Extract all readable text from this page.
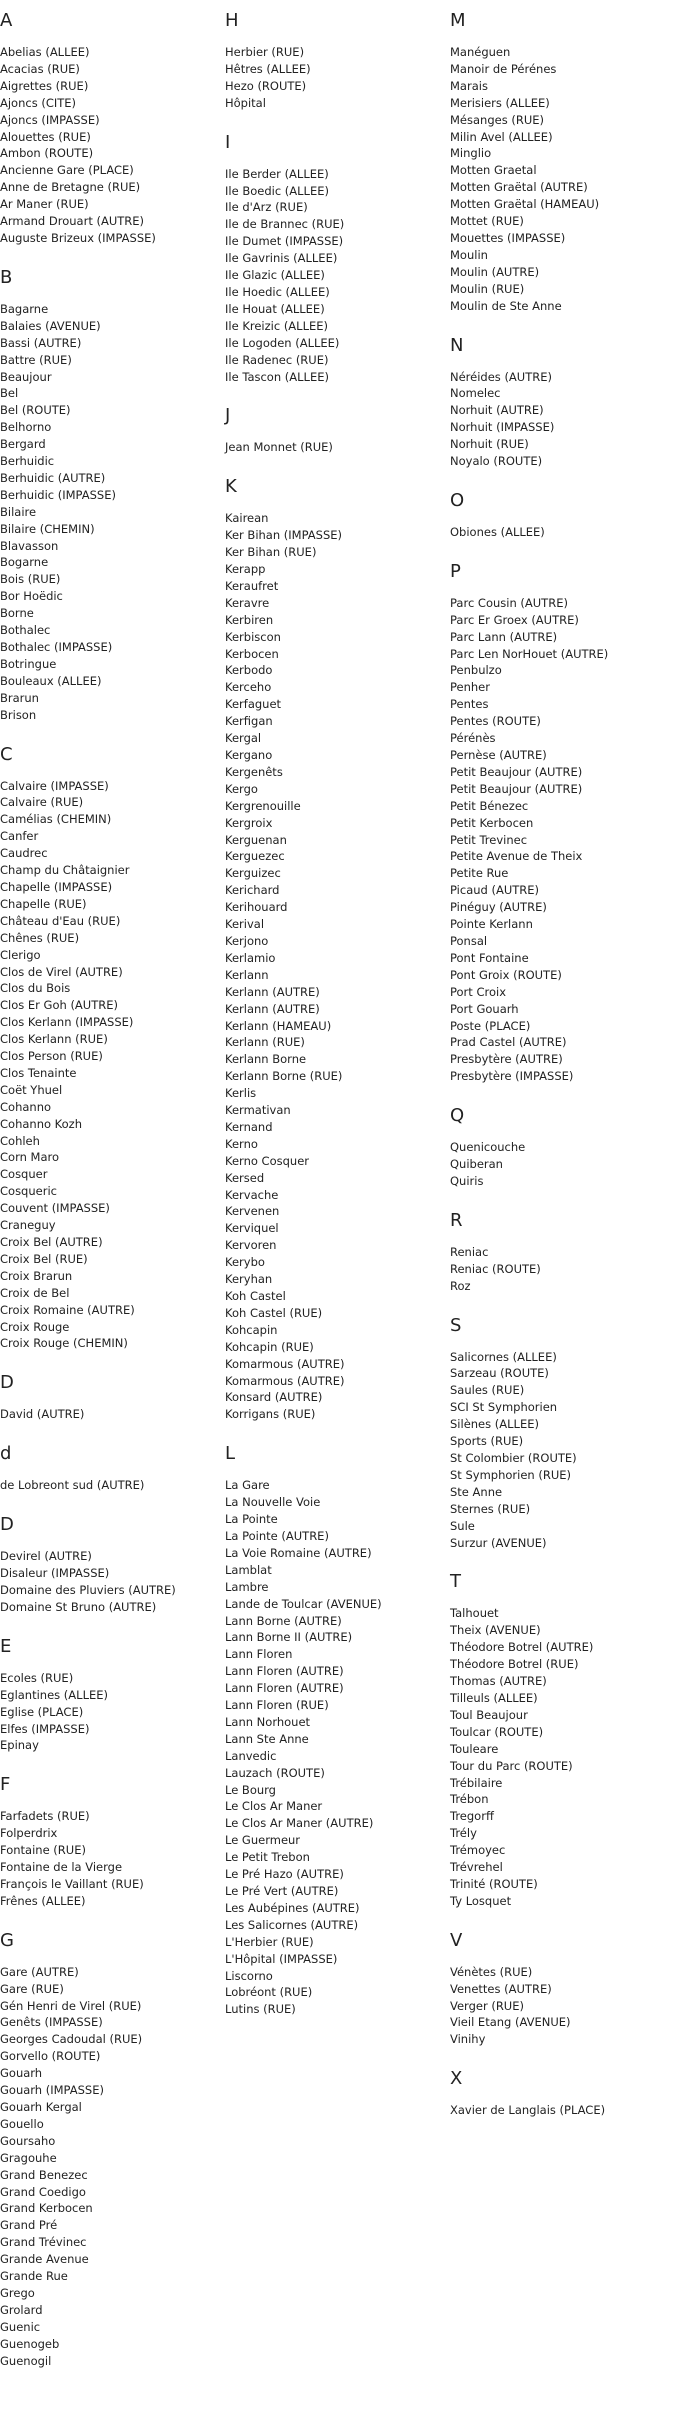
A
Abelias (ALLEE)
Acacias (RUE)
Aigrettes (RUE)
Ajoncs (CITE)
Ajoncs (IMPASSE)
Alouettes (RUE)
Ambon (ROUTE)
Ancienne Gare (PLACE)
Anne de Bretagne (RUE)
Ar Maner (RUE)
Armand Drouart (AUTRE)
Auguste Brizeux (IMPASSE)
B
Bagarne
Balaies (AVENUE)
Bassi (AUTRE)
Battre (RUE)
Beaujour
Bel
Bel (ROUTE)
Belhorno
Bergard
Berhuidic
Berhuidic (AUTRE)
Berhuidic (IMPASSE)
Bilaire
Bilaire (CHEMIN)
Blavasson
Bogarne
Bois (RUE)
Bor Hoëdic
Borne
Bothalec
Bothalec (IMPASSE)
Botringue
Bouleaux (ALLEE)
Brarun
Brison
C
Calvaire (IMPASSE)
Calvaire (RUE)
Camélias (CHEMIN)
Canfer
Caudrec
Champ du Châtaignier
Chapelle (IMPASSE)
Chapelle (RUE)
Château d'Eau (RUE)
Chênes (RUE)
Clerigo
Clos de Virel (AUTRE)
Clos du Bois
Clos Er Goh (AUTRE)
Clos Kerlann (IMPASSE)
Clos Kerlann (RUE)
Clos Person (RUE)
Clos Tenainte
Coët Yhuel
Cohanno
Cohanno Kozh
Cohleh
Corn Maro
Cosquer
Cosqueric
Couvent (IMPASSE)
Craneguy
Croix Bel (AUTRE)
Croix Bel (RUE)
Croix Brarun
Croix de Bel
Croix Romaine (AUTRE)
Croix Rouge
Croix Rouge (CHEMIN)
D
David (AUTRE)
d
de Lobreont sud (AUTRE)
D
Devirel (AUTRE)
Disaleur (IMPASSE)
Domaine des Pluviers (AUTRE)
Domaine St Bruno (AUTRE)
E
Ecoles (RUE)
Eglantines (ALLEE)
Eglise (PLACE)
Elfes (IMPASSE)
Epinay
F
Farfadets (RUE)
Folperdrix
Fontaine (RUE)
Fontaine de la Vierge
François le Vaillant (RUE)
Frênes (ALLEE)
G
Gare (AUTRE)
Gare (RUE)
Gén Henri de Virel (RUE)
Genêts (IMPASSE)
Georges Cadoudal (RUE)
Gorvello (ROUTE)
Gouarh
Gouarh (IMPASSE)
Gouarh Kergal
Gouello
Goursaho
Gragouhe
Grand Benezec
Grand Coedigo
Grand Kerbocen
Grand Pré
Grand Trévinec
Grande Avenue
Grande Rue
Grego
Grolard
Guenic
Guenogeb
Guenogil
H
Herbier (RUE)
Hêtres (ALLEE)
Hezo (ROUTE)
Hôpital
I
Ile Berder (ALLEE)
Ile Boedic (ALLEE)
Ile d'Arz (RUE)
Ile de Brannec (RUE)
Ile Dumet (IMPASSE)
Ile Gavrinis (ALLEE)
Ile Glazic (ALLEE)
Ile Hoedic (ALLEE)
Ile Houat (ALLEE)
Ile Kreizic (ALLEE)
Ile Logoden (ALLEE)
Ile Radenec (RUE)
Ile Tascon (ALLEE)
J
Jean Monnet (RUE)
K
Kairean
Ker Bihan (IMPASSE)
Ker Bihan (RUE)
Kerapp
Keraufret
Keravre
Kerbiren
Kerbiscon
Kerbocen
Kerbodo
Kerceho
Kerfaguet
Kerfigan
Kergal
Kergano
Kergenêts
Kergo
Kergrenouille
Kergroix
Kerguenan
Kerguezec
Kerguizec
Kerichard
Kerihouard
Kerival
Kerjono
Kerlamio
Kerlann
Kerlann (AUTRE)
Kerlann (AUTRE)
Kerlann (HAMEAU)
Kerlann (RUE)
Kerlann Borne
Kerlann Borne (RUE)
Kerlis
Kermativan
Kernand
Kerno
Kerno Cosquer
Kersed
Kervache
Kervenen
Kerviquel
Kervoren
Kerybo
Keryhan
Koh Castel
Koh Castel (RUE)
Kohcapin
Kohcapin (RUE)
Komarmous (AUTRE)
Komarmous (AUTRE)
Konsard (AUTRE)
Korrigans (RUE)
L
La Gare
La Nouvelle Voie
La Pointe
La Pointe (AUTRE)
La Voie Romaine (AUTRE)
Lamblat
Lambre
Lande de Toulcar (AVENUE)
Lann Borne (AUTRE)
Lann Borne II (AUTRE)
Lann Floren
Lann Floren (AUTRE)
Lann Floren (AUTRE)
Lann Floren (RUE)
Lann Norhouet
Lann Ste Anne
Lanvedic
Lauzach (ROUTE)
Le Bourg
Le Clos Ar Maner
Le Clos Ar Maner (AUTRE)
Le Guermeur
Le Petit Trebon
Le Pré Hazo (AUTRE)
Le Pré Vert (AUTRE)
Les Aubépines (AUTRE)
Les Salicornes (AUTRE)
L'Herbier (RUE)
L'Hôpital (IMPASSE)
Liscorno
Lobréont (RUE)
Lutins (RUE)
M
Manéguen
Manoir de Pérénes
Marais
Merisiers (ALLEE)
Mésanges (RUE)
Milin Avel (ALLEE)
Minglio
Motten Graetal
Motten Graëtal (AUTRE)
Motten Graëtal (HAMEAU)
Mottet (RUE)
Mouettes (IMPASSE)
Moulin
Moulin (AUTRE)
Moulin (RUE)
Moulin de Ste Anne
N
Néréides (AUTRE)
Nomelec
Norhuit (AUTRE)
Norhuit (IMPASSE)
Norhuit (RUE)
Noyalo (ROUTE)
O
Obiones (ALLEE)
P
Parc Cousin (AUTRE)
Parc Er Groex (AUTRE)
Parc Lann (AUTRE)
Parc Len NorHouet (AUTRE)
Penbulzo
Penher
Pentes
Pentes (ROUTE)
Pérénès
Pernèse (AUTRE)
Petit Beaujour (AUTRE)
Petit Beaujour (AUTRE)
Petit Bénezec
Petit Kerbocen
Petit Trevinec
Petite Avenue de Theix
Petite Rue
Picaud (AUTRE)
Pinéguy (AUTRE)
Pointe Kerlann
Ponsal
Pont Fontaine
Pont Groix (ROUTE)
Port Croix
Port Gouarh
Poste (PLACE)
Prad Castel (AUTRE)
Presbytère (AUTRE)
Presbytère (IMPASSE)
Q
Quenicouche
Quiberan
Quiris
R
Reniac
Reniac (ROUTE)
Roz
S
Salicornes (ALLEE)
Sarzeau (ROUTE)
Saules (RUE)
SCI St Symphorien
Silènes (ALLEE)
Sports (RUE)
St Colombier (ROUTE)
St Symphorien (RUE)
Ste Anne
Sternes (RUE)
Sule
Surzur (AVENUE)
T
Talhouet
Theix (AVENUE)
Théodore Botrel (AUTRE)
Théodore Botrel (RUE)
Thomas (AUTRE)
Tilleuls (ALLEE)
Toul Beaujour
Toulcar (ROUTE)
Touleare
Tour du Parc (ROUTE)
Trébilaire
Trébon
Tregorff
Trély
Trémoyec
Trévrehel
Trinité (ROUTE)
Ty Losquet
V
Vénètes (RUE)
Venettes (AUTRE)
Verger (RUE)
Vieil Etang (AVENUE)
Vinihy
X
Xavier de Langlais (PLACE)
